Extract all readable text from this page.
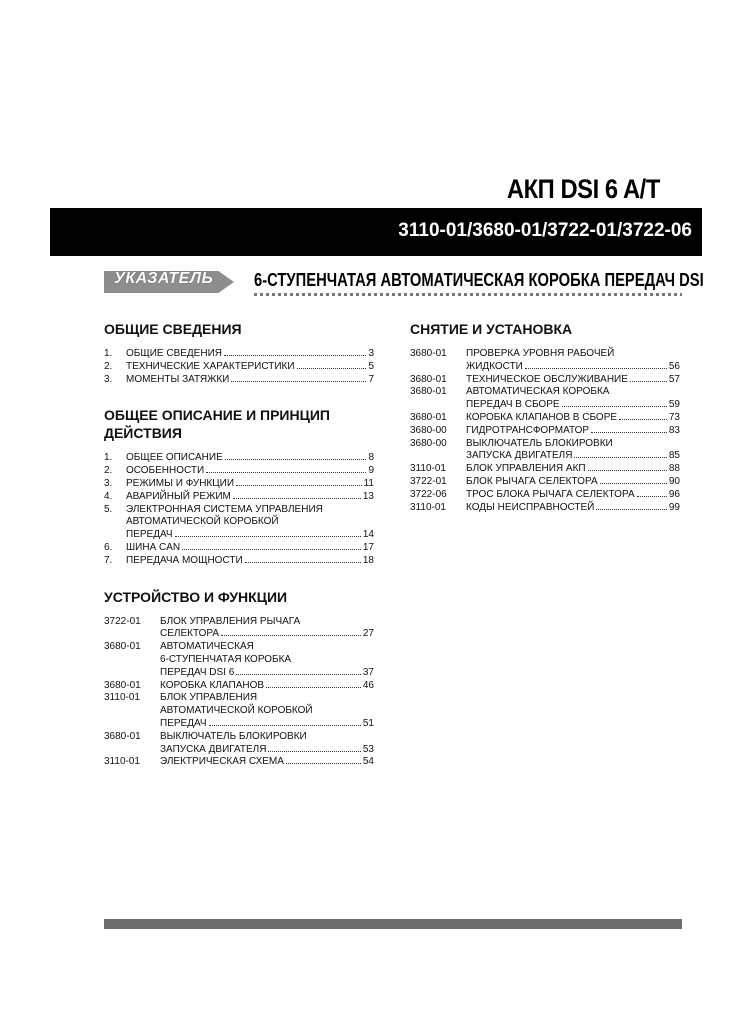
АКП DSI 6 A/T
3110-01/3680-01/3722-01/3722-06
УКАЗАТЕЛЬ 6-СТУПЕНЧАТАЯ АВТОМАТИЧЕСКАЯ КОРОБКА ПЕРЕДАЧ DSI
ОБЩИЕ СВЕДЕНИЯ
1.	ОБЩИЕ СВЕДЕНИЯ	3
2.	ТЕХНИЧЕСКИЕ ХАРАКТЕРИСТИКИ	5
3.	МОМЕНТЫ ЗАТЯЖКИ	7
ОБЩЕЕ ОПИСАНИЕ И ПРИНЦИП ДЕЙСТВИЯ
1.	ОБЩЕЕ ОПИСАНИЕ	8
2.	ОСОБЕННОСТИ	9
3.	РЕЖИМЫ И ФУНКЦИИ	11
4.	АВАРИЙНЫЙ РЕЖИМ	13
5.	ЭЛЕКТРОННАЯ СИСТЕМА УПРАВЛЕНИЯ
АВТОМАТИЧЕСКОЙ КОРОБКОЙ
ПЕРЕДАЧ	14
6.	ШИНА CAN	17
7.	ПЕРЕДАЧА МОЩНОСТИ	18
УСТРОЙСТВО И ФУНКЦИИ
3722-01	БЛОК УПРАВЛЕНИЯ РЫЧАГА
СЕЛЕКТОРА	27
3680-01	АВТОМАТИЧЕСКАЯ
6-СТУПЕНЧАТАЯ КОРОБКА
ПЕРЕДАЧ DSI 6	37
3680-01	КОРОБКА КЛАПАНОВ	46
3110-01	БЛОК УПРАВЛЕНИЯ
АВТОМАТИЧЕСКОЙ КОРОБКОЙ
ПЕРЕДАЧ	51
3680-01	ВЫКЛЮЧАТЕЛЬ БЛОКИРОВКИ
ЗАПУСКА ДВИГАТЕЛЯ	53
3110-01	ЭЛЕКТРИЧЕСКАЯ СХЕМА	54
СНЯТИЕ И УСТАНОВКА
3680-01	ПРОВЕРКА УРОВНЯ РАБОЧЕЙ
ЖИДКОСТИ	56
3680-01	ТЕХНИЧЕСКОЕ ОБСЛУЖИВАНИЕ	57
3680-01	АВТОМАТИЧЕСКАЯ КОРОБКА
ПЕРЕДАЧ В СБОРЕ	59
3680-01	КОРОБКА КЛАПАНОВ В СБОРЕ	73
3680-00	ГИДРОТРАНСФОРМАТОР	83
3680-00	ВЫКЛЮЧАТЕЛЬ БЛОКИРОВКИ
ЗАПУСКА ДВИГАТЕЛЯ	85
3110-01	БЛОК УПРАВЛЕНИЯ АКП	88
3722-01	БЛОК РЫЧАГА СЕЛЕКТОРА	90
3722-06	ТРОС БЛОКА РЫЧАГА СЕЛЕКТОРА	96
3110-01	КОДЫ НЕИСПРАВНОСТЕЙ	99
